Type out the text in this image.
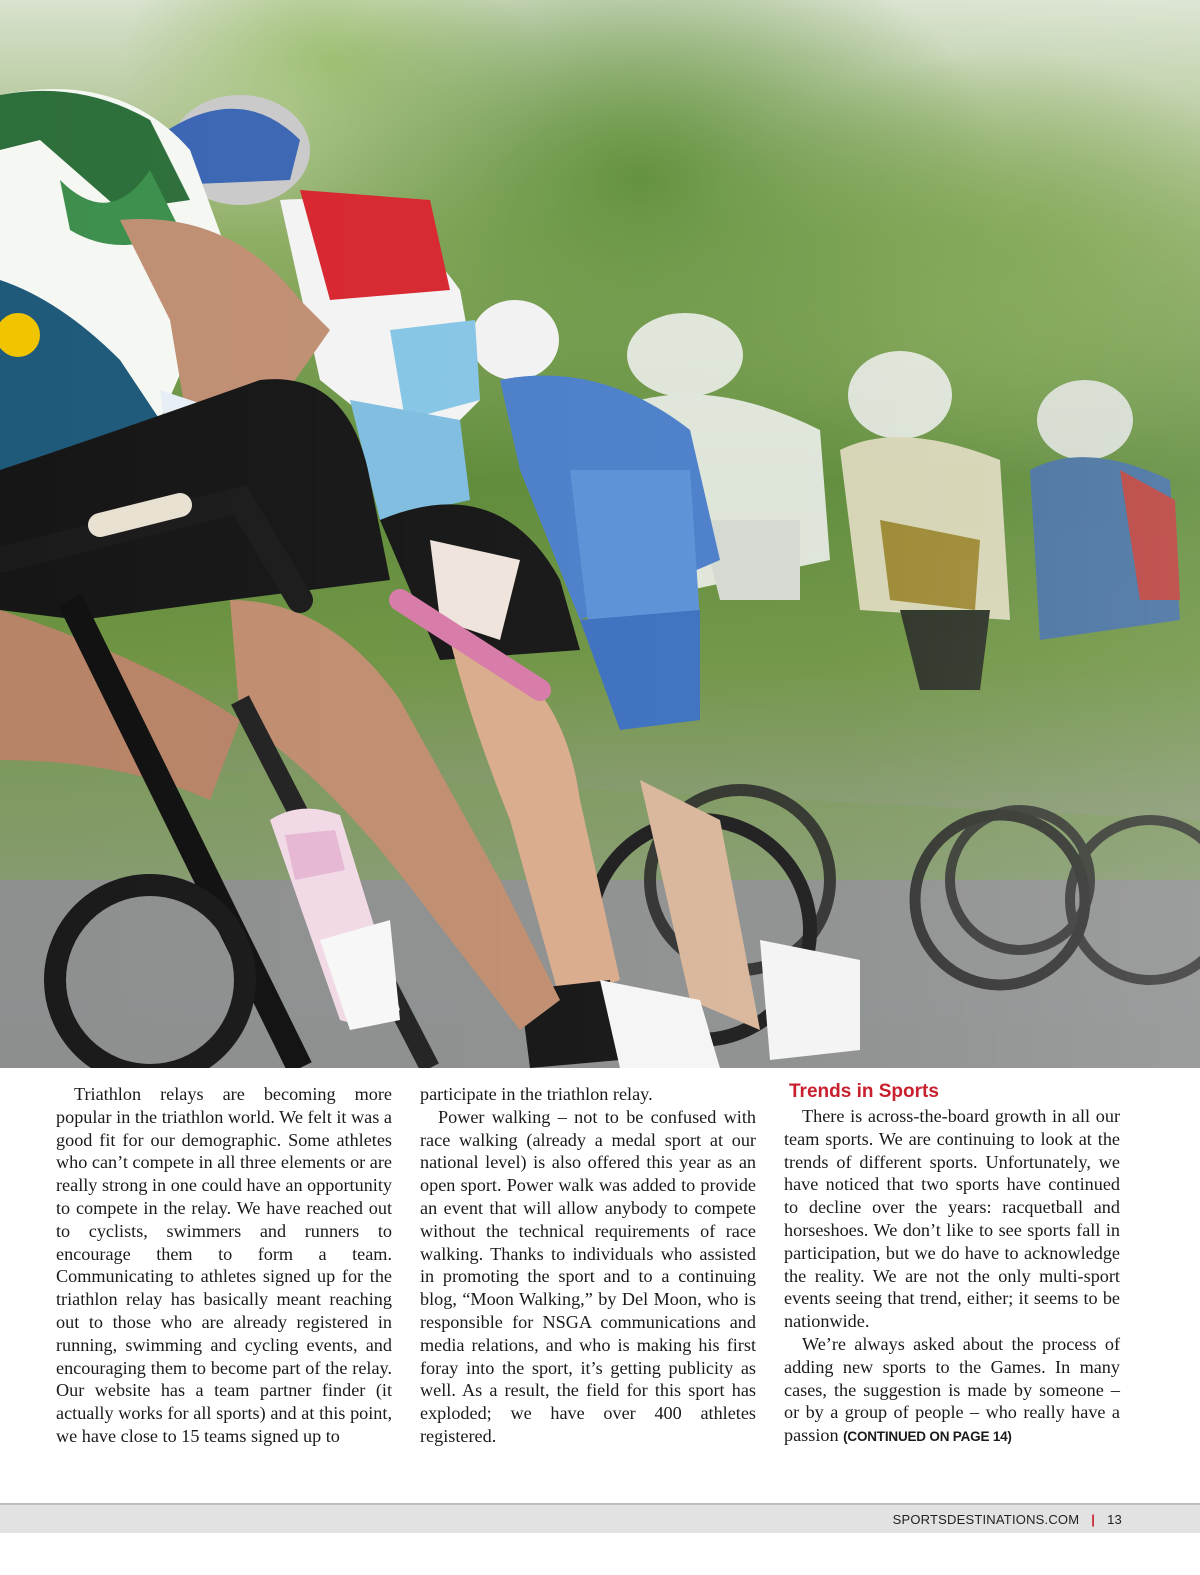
Triathlon relays are becoming more popular in the triathlon world. We felt it was a good fit for our demographic. Some athletes who can’t compete in all three elements or are really strong in one could have an opportunity to compete in the relay. We have reached out to cyclists, swimmers and runners to encourage them to form a team. Communicating to athletes signed up for the triathlon relay has basically meant reaching out to those who are already registered in running, swimming and cycling events, and encouraging them to become part of the relay. Our website has a team partner finder (it actually works for all sports) and at this point, we have close to 15 teams signed up to

participate in the triathlon relay.

Power walking – not to be confused with race walking (already a medal sport at our national level) is also offered this year as an open sport. Power walk was added to provide an event that will allow anybody to compete without the technical requirements of race walking. Thanks to individuals who assisted in promoting the sport and to a continuing blog, “Moon Walking,” by Del Moon, who is responsible for NSGA communications and media relations, and who is making his first foray into the sport, it’s getting publicity as well. As a result, the field for this sport has exploded; we have over 400 athletes registered.

Trends in Sports

There is across-the-board growth in all our team sports. We are continuing to look at the trends of different sports. Unfortunately, we have noticed that two sports have continued to decline over the years: racquetball and horseshoes. We don’t like to see sports fall in participation, but we do have to acknowledge the reality. We are not the only multi-sport events seeing that trend, either; it seems to be nationwide.

We’re always asked about the process of adding new sports to the Games. In many cases, the suggestion is made by someone – or by a group of people – who really have a passion (CONTINUED ON PAGE 14)

SPORTSDESTINATIONS.COM | 13
